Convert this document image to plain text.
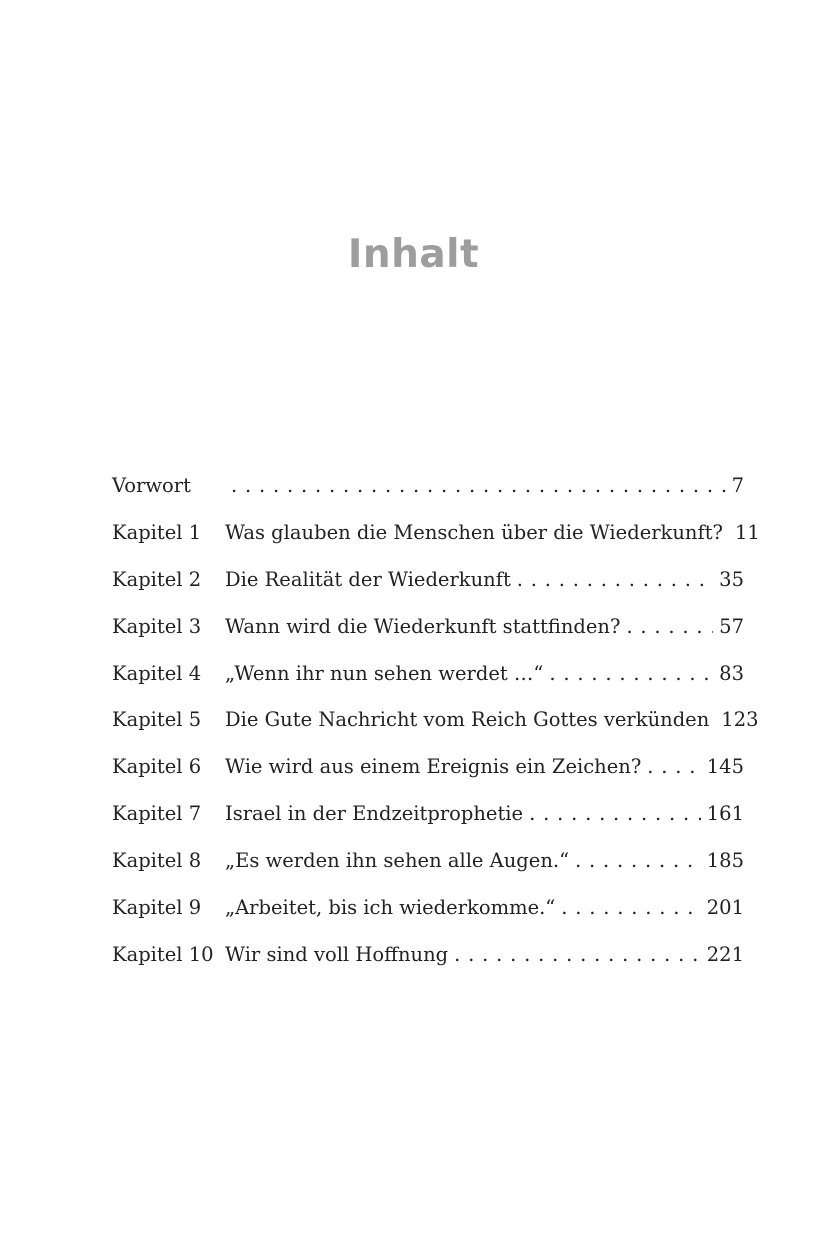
Inhalt
Vorwort . . .	7
Kapitel 1	Was glauben die Menschen über die Wiederkunft? 11
Kapitel 2	Die Realität der Wiederkunft . . .	35
Kapitel 3	Wann wird die Wiederkunft stattfinden? . . .	57
Kapitel 4	„Wenn ihr nun sehen werdet …“ . . .	83
Kapitel 5	Die Gute Nachricht vom Reich Gottes verkünden 123
Kapitel 6	Wie wird aus einem Ereignis ein Zeichen? . . .	145
Kapitel 7	Israel in der Endzeitprophetie . . .	161
Kapitel 8	„Es werden ihn sehen alle Augen.“ . . .	185
Kapitel 9	„Arbeitet, bis ich wiederkomme.“ . . .	201
Kapitel 10 Wir sind voll Hoffnung . . .	221
